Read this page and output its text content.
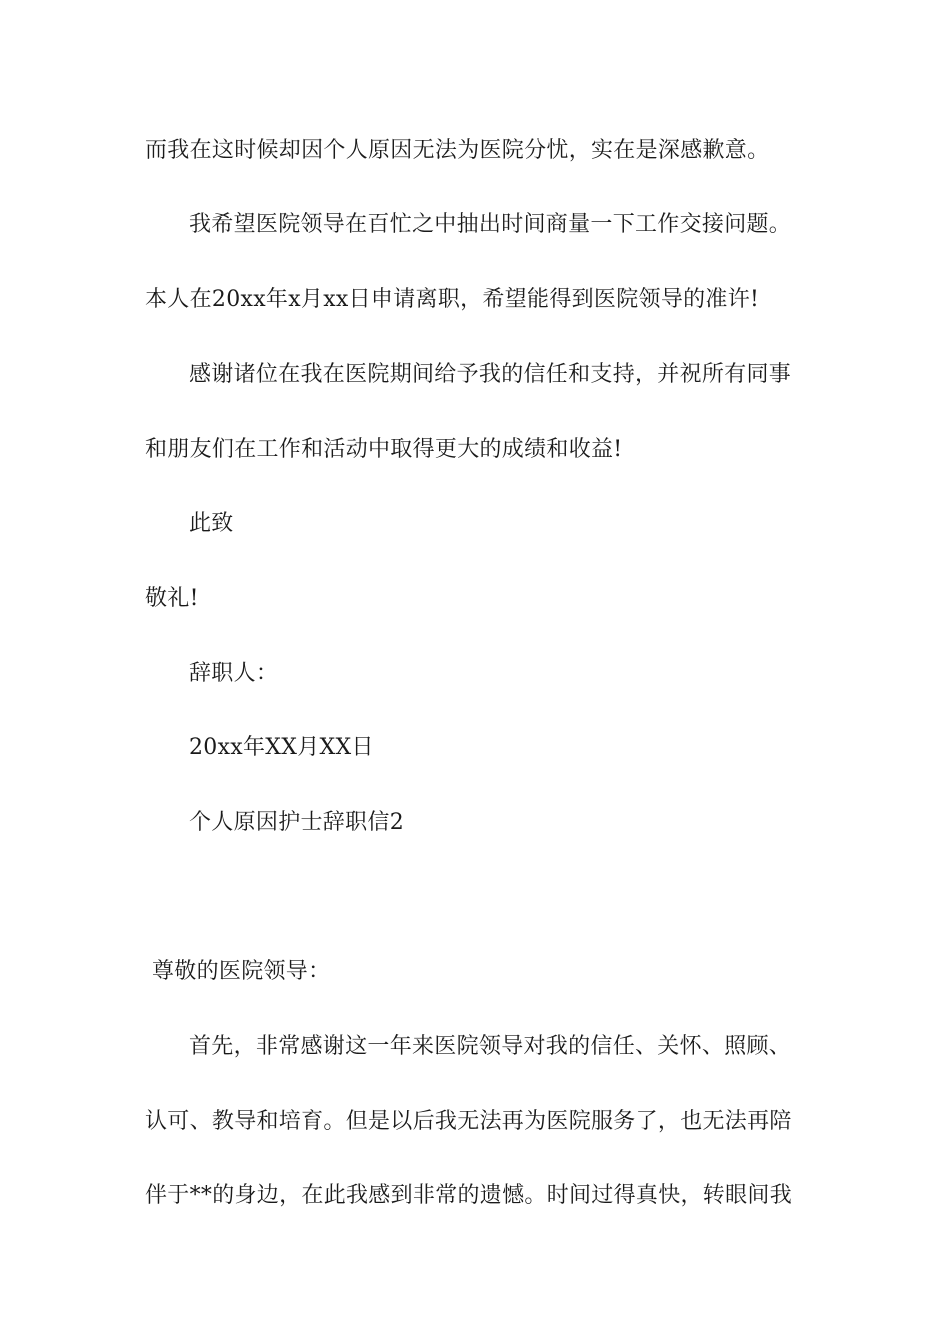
而我在这时候却因个人原因无法为医院分忧，实在是深感歉意。
我希望医院领导在百忙之中抽出时间商量一下工作交接问题。
本人在20xx年x月xx日申请离职，希望能得到医院领导的准许!
感谢诸位在我在医院期间给予我的信任和支持，并祝所有同事
和朋友们在工作和活动中取得更大的成绩和收益!
此致
敬礼!
辞职人：
20xx年XX月XX日
个人原因护士辞职信2
尊敬的医院领导：
首先，非常感谢这一年来医院领导对我的信任、关怀、照顾、
认可、教导和培育。但是以后我无法再为医院服务了，也无法再陪
伴于**的身边，在此我感到非常的遗憾。时间过得真快，转眼间我
